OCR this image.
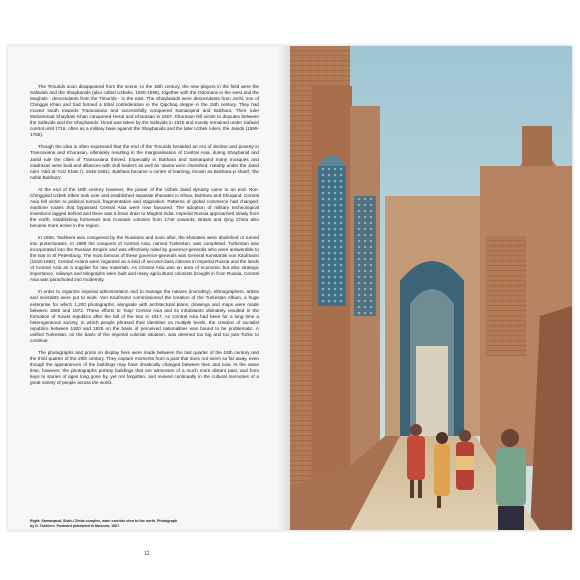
The Timurids soon disappeared from the scene. In the 16th century, the new players in the field were the Safavids and the Shaybanids (also called Uzbeks, 1500-1598), together with the Ottomans in the west and the Mughals - descendants from the Timurids - in the east. The Shaybanids were descendants from Jochi, son of Chinggis Khan and had formed a tribal confederation in the Qipchaq steppe in the 15th century. They had moved south towards Transoxiana and successfully conquered Samarqand and Bukhara. Their ruler Muhammad Shaybani Khan conquered Herat and Khorasan in 1507. Khorasan fell victim to disputes between the Safavids and the Shaybanids. Herat was taken by the Safavids in 1510 and mostly remained under Safavid control until 1716, often as a military base against the Shaybanids and the later Uzbek rulers, the Janids (1599-1785).

Though the idea is often expressed that the end of the Timurids heralded an era of decline and poverty in Transoxiana and Khurasan, ultimately resulting in the marginalisation of Central Asia, during Shaybanid and Janid rule the cities of Transoxiana thrived. Especially in Bukhara and Samarqand many mosques and madrasas were built and alliances with Sufi leaders as well as 'ulama were cherished, notably under the Janid ruler 'Abd al-'Aziz Khan (r. 1645-1681). Bukhara became a centre of learning, known as Bukhara-yi sharif, 'the noble Bukhara'.

At the end of the 18th century however, the power of the Uzbek Janid dynasty came to an end. Non-Chinggisid Uzbek tribes took over and established separate khanates in Khiva, Bukhara and Khuqand. Central Asia fell victim to political turmoil, fragmentation and stagnation. Patterns of global commerce had changed: maritime routes that bypassed Central Asia were now favoured. The adoption of military technological inventions lagged behind and there was a brain drain to Mughal India. Imperial Russia approached slowly from the north, establishing fortresses and Cossack colonies from 1740 onwards; Britain and Qing China also became more active in the region.

In 1865, Tashkent was conquered by the Russians and soon after, the khanates were abolished or turned into protectorates. In 1889 the conquest of Central Asia, named Turkestan, was completed. Turkestan was incorporated into the Russian Empire and was effectively ruled by governor-generals who were answerable to the tsar in St Petersburg. The most famous of these governor-generals was General Konstantin von Kaufmann (1818-1882). Central Asians were regarded as a kind of second-class citizens in Imperial Russia and the lands of Central Asia as a supplier for raw materials. As Central Asia was an area of economic but also strategic importance, railways and telegraphs were built and many agricultural colonists brought in from Russia. Central Asia was parachuted into modernity.

In order to organize imperial administration and to manage the natives (inorodtsy), ethnographers, artists and scientists were put to work. Von Kaufmann commissioned the creation of the Turkestan Album, a huge enterprise for which 1,200 photographs, alongside with architectural plans, drawings and maps were made between 1865 and 1872. These efforts to 'map' Central Asia and its inhabitants ultimately resulted in the formation of Soviet republics after the fall of the tsar in 1917. As Central Asia had been for a long time a heterogeneous society, in which people phrased their identities on multiple levels, the creation of socialist republics between 1920 and 1929 on the basis of perceived nationalities was bound to be problematic. A unified Turkestan, on the basis of the imperial colonial situation, was deemed too big and too pan-Turkic to continue.

The photographs and prints on display here were made between the last quarter of the 19th century and the third quarter of the 20th century. They capture moments from a past that does not seem so far away, even though the appearances of the buildings may have drastically changed between then and now. At the same time, however, the photographs portray buildings that are witnesses of a much more distant past, and form keys to stories of ages long gone by, yet not forgotten, and revived continually in the cultural memories of a great variety of people across the world.

Right: Samarqand, Shah-i Zinda complex, main corridor view to the north. Photograph by D. Tokhiere. Postcard published in Moscow, 1967.
12
